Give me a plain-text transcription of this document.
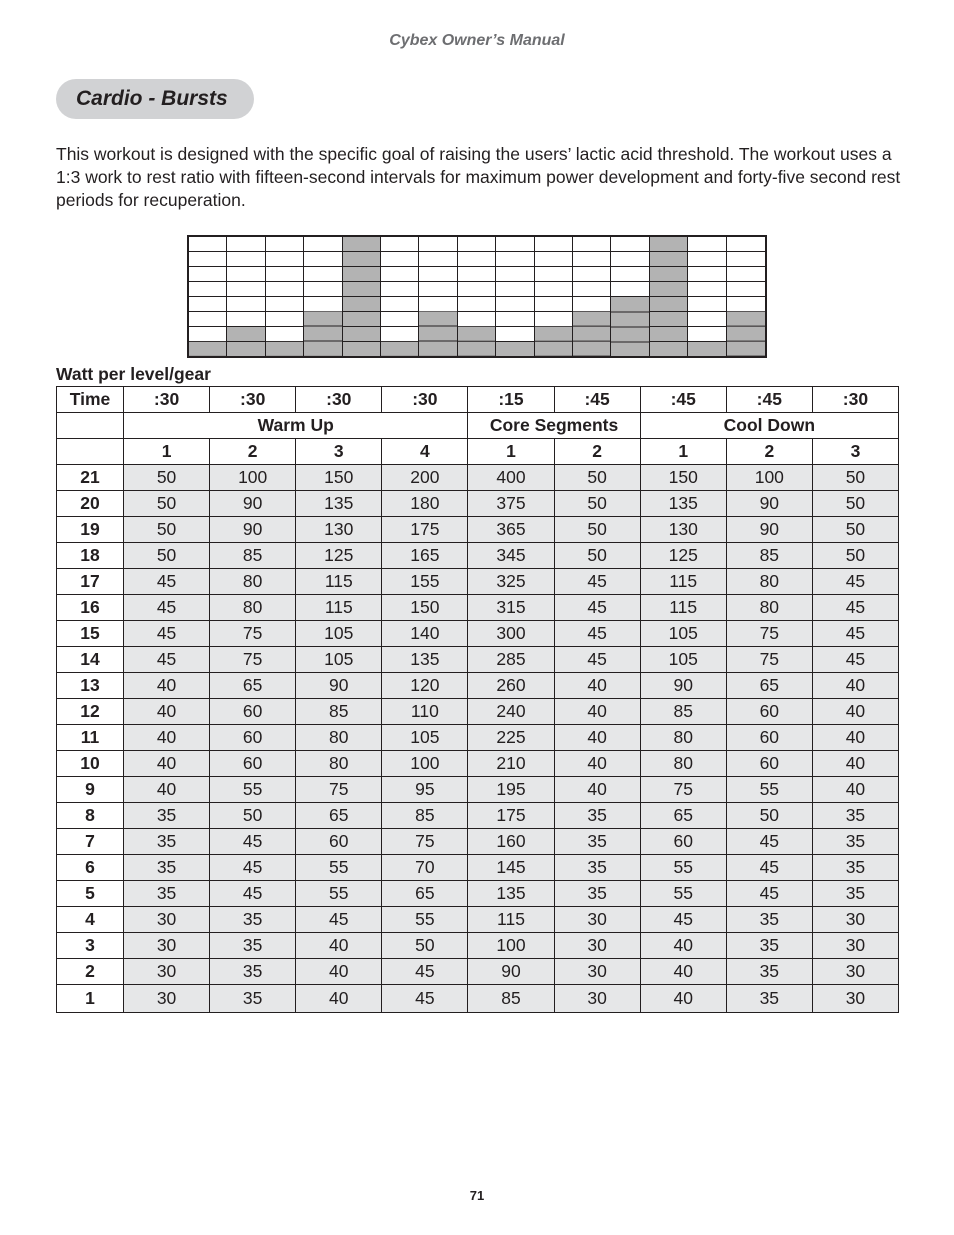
Cybex Owner’s Manual
Cardio - Bursts

This workout is designed with the specific goal of raising the users’ lactic acid threshold. The workout uses a 1:3 work to rest ratio with fifteen-second intervals for maximum power development and forty-five second rest periods for recuperation.

Watt per level/gear
Time	:30	:30	:30	:30	:15	:45	:45	:45	:30
	Warm Up				Core Segments		Cool Down		
	1	2	3	4	1	2	1	2	3
21	50	100	150	200	400	50	150	100	50
20	50	90	135	180	375	50	135	90	50
19	50	90	130	175	365	50	130	90	50
18	50	85	125	165	345	50	125	85	50
17	45	80	115	155	325	45	115	80	45
16	45	80	115	150	315	45	115	80	45
15	45	75	105	140	300	45	105	75	45
14	45	75	105	135	285	45	105	75	45
13	40	65	90	120	260	40	90	65	40
12	40	60	85	110	240	40	85	60	40
11	40	60	80	105	225	40	80	60	40
10	40	60	80	100	210	40	80	60	40
9	40	55	75	95	195	40	75	55	40
8	35	50	65	85	175	35	65	50	35
7	35	45	60	75	160	35	60	45	35
6	35	45	55	70	145	35	55	45	35
5	35	45	55	65	135	35	55	45	35
4	30	35	45	55	115	30	45	35	30
3	30	35	40	50	100	30	40	35	30
2	30	35	40	45	90	30	40	35	30
1	30	35	40	45	85	30	40	35	30
71
